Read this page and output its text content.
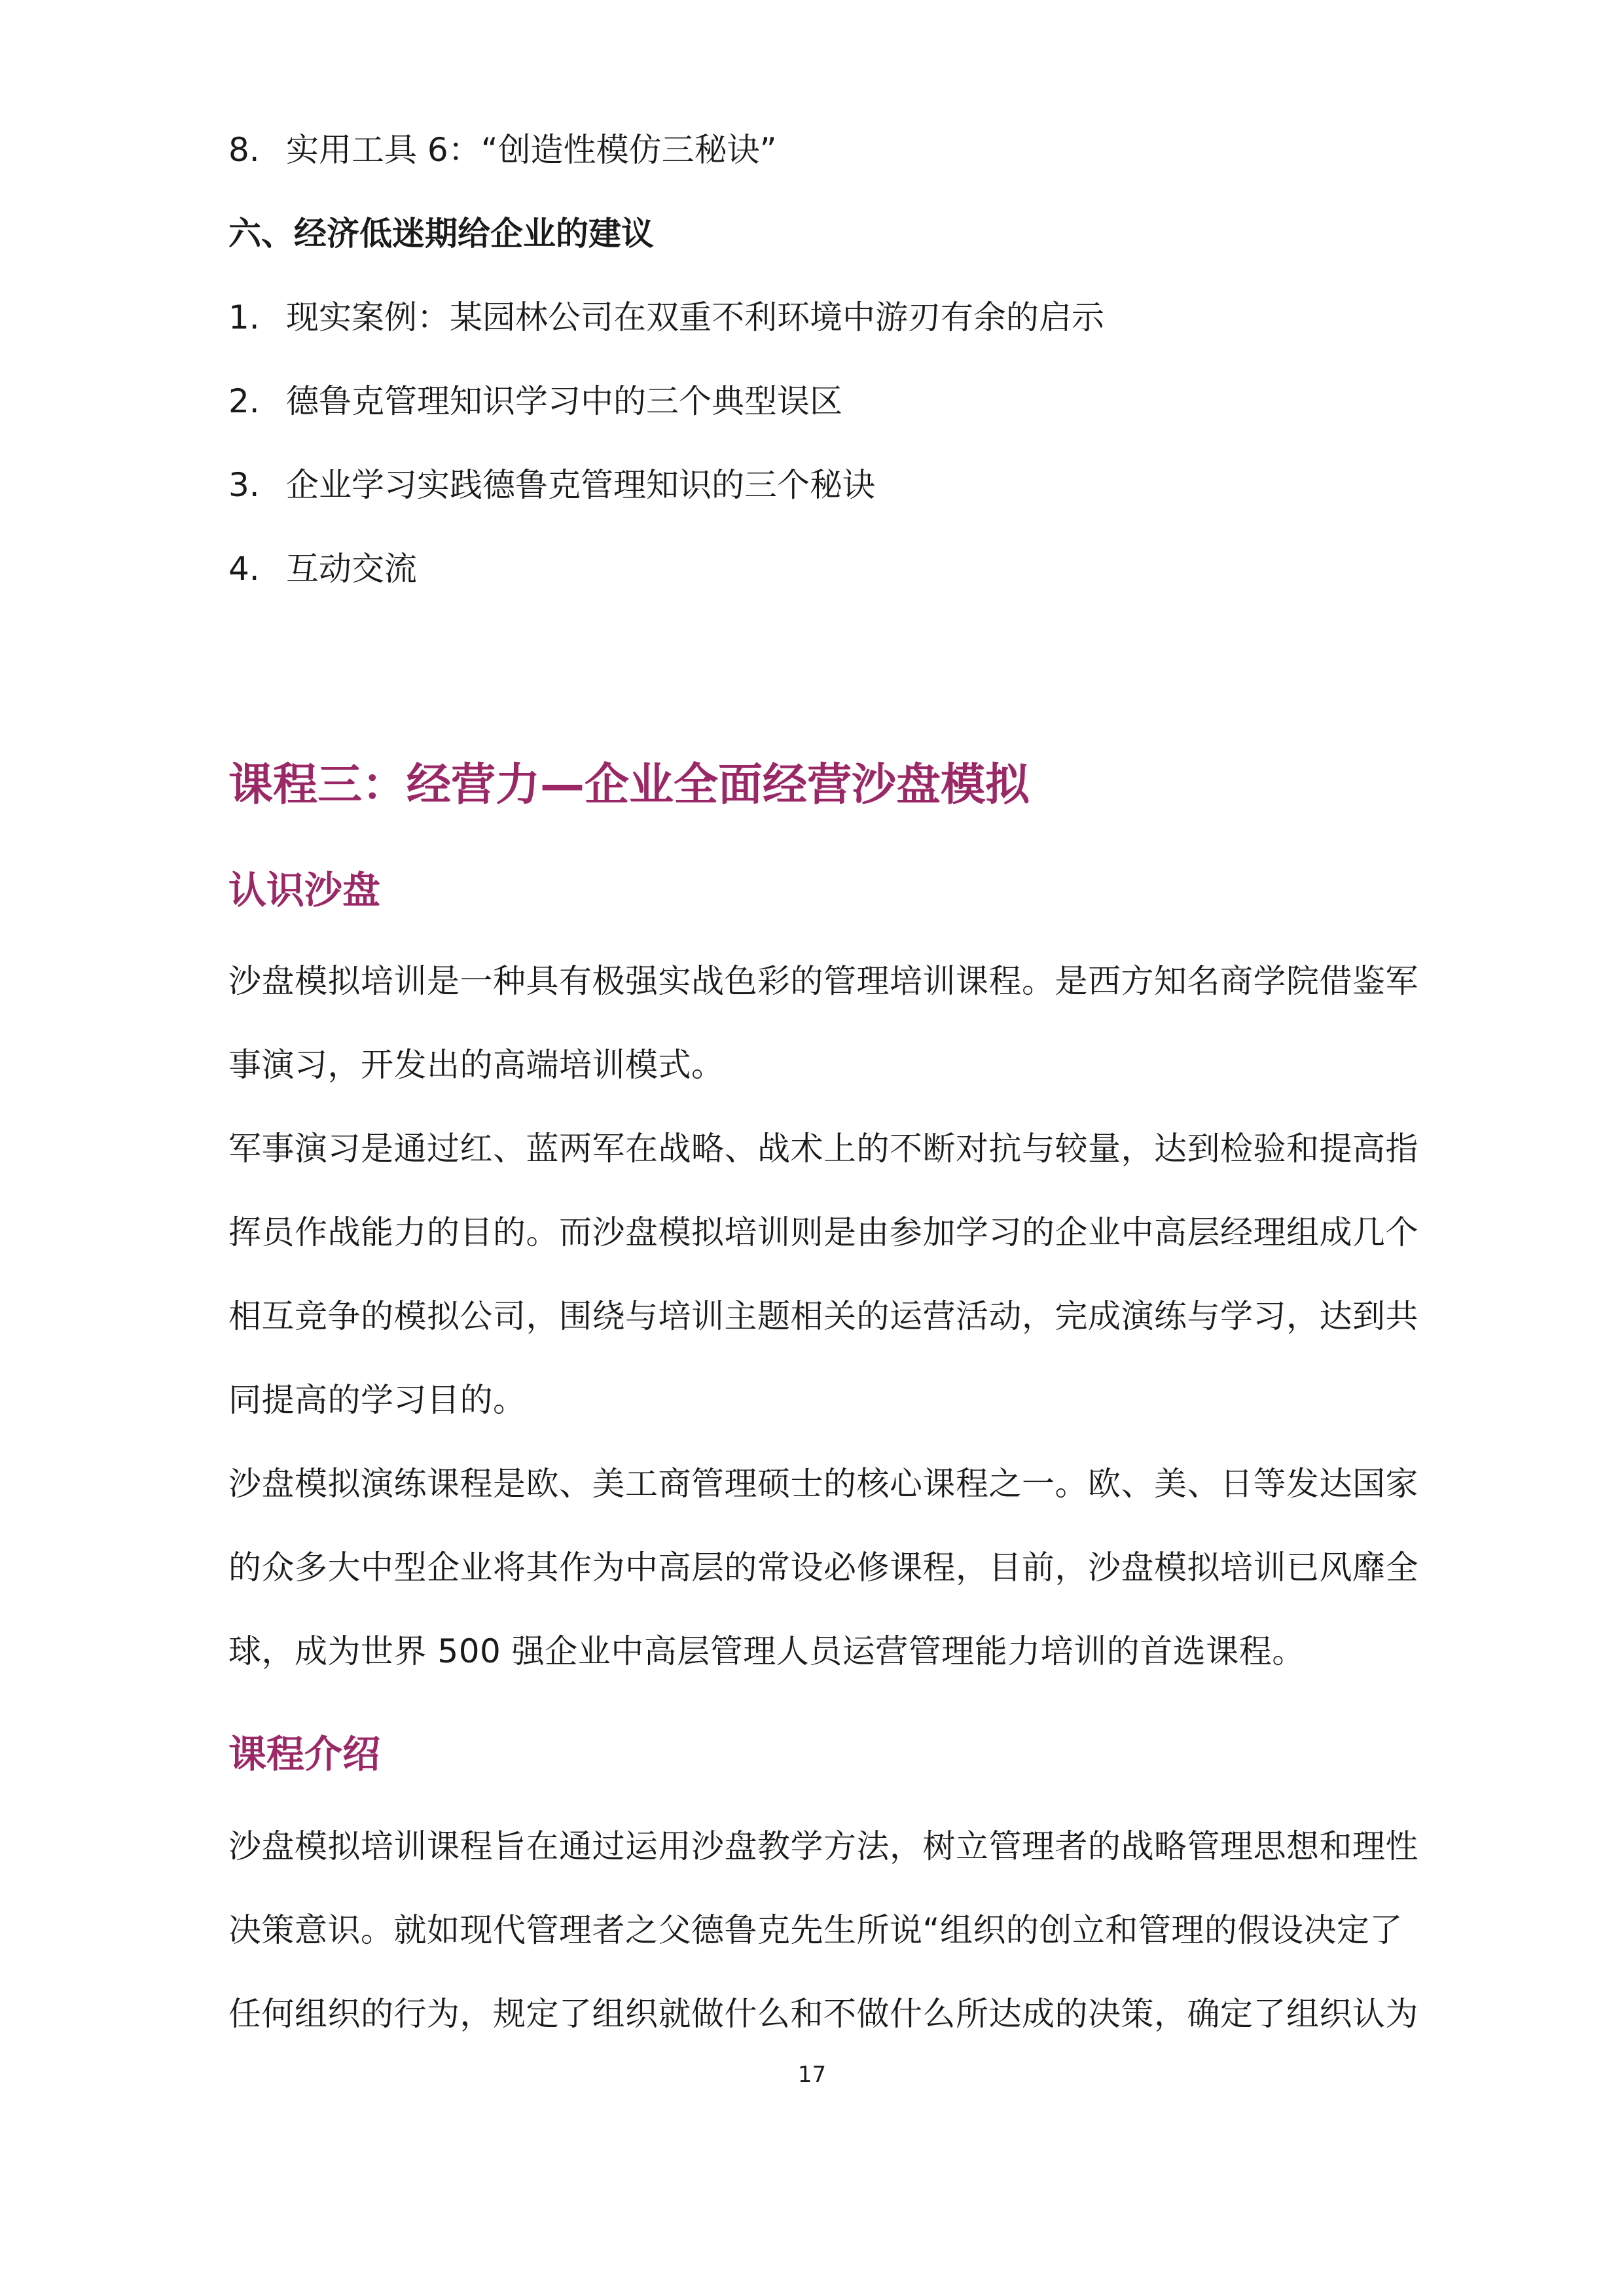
8. 实用工具 6：“创造性模仿三秘诀”
六、经济低迷期给企业的建议
1. 现实案例：某园林公司在双重不利环境中游刃有余的启示
2. 德鲁克管理知识学习中的三个典型误区
3. 企业学习实践德鲁克管理知识的三个秘诀
4. 互动交流
课程三：经营力—企业全面经营沙盘模拟
认识沙盘
沙盘模拟培训是一种具有极强实战色彩的管理培训课程。是西方知名商学院借鉴军
事演习，开发出的高端培训模式。
军事演习是通过红、蓝两军在战略、战术上的不断对抗与较量，达到检验和提高指
挥员作战能力的目的。而沙盘模拟培训则是由参加学习的企业中高层经理组成几个
相互竞争的模拟公司，围绕与培训主题相关的运营活动，完成演练与学习，达到共
同提高的学习目的。
沙盘模拟演练课程是欧、美工商管理硕士的核心课程之一。欧、美、日等发达国家
的众多大中型企业将其作为中高层的常设必修课程，目前，沙盘模拟培训已风靡全
球，成为世界 500 强企业中高层管理人员运营管理能力培训的首选课程。
课程介绍
沙盘模拟培训课程旨在通过运用沙盘教学方法，树立管理者的战略管理思想和理性
决策意识。就如现代管理者之父德鲁克先生所说“组织的创立和管理的假设决定了
任何组织的行为，规定了组织就做什么和不做什么所达成的决策，确定了组织认为
17
